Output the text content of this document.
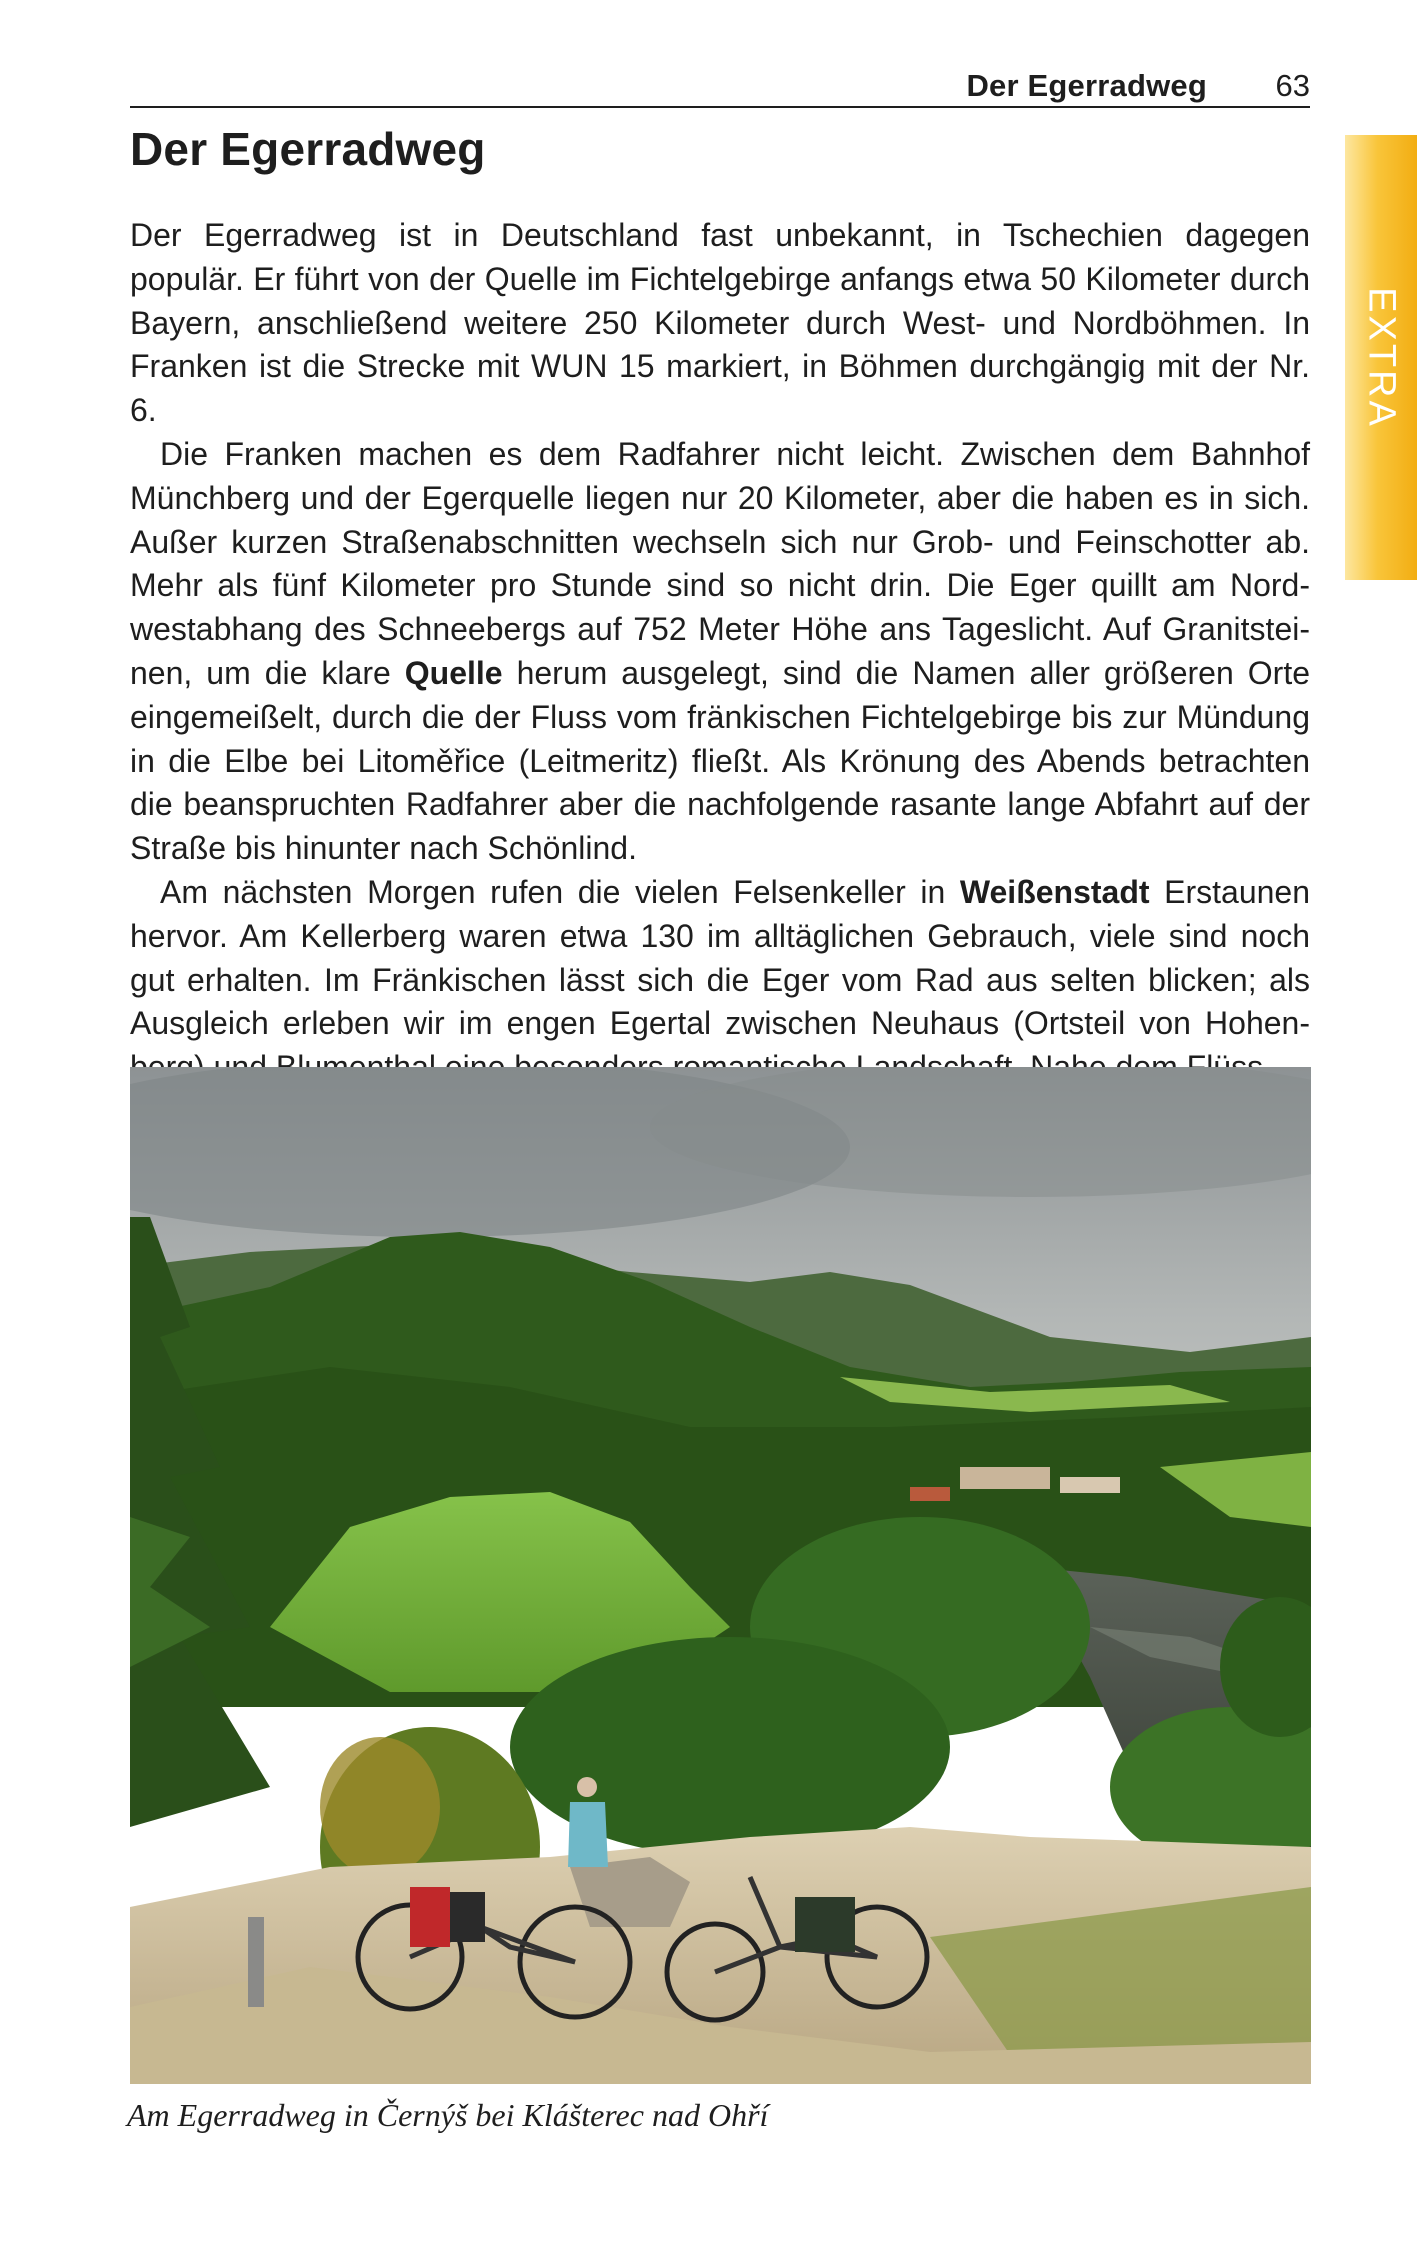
Der Egerradweg 63
EXTRA
Der Egerradweg

Der Egerradweg ist in Deutschland fast unbekannt, in Tschechien dagegen populär. Er führt von der Quelle im Fichtelgebirge anfangs etwa 50 Kilometer durch Bayern, anschließend weitere 250 Kilometer durch West- und Nordböhmen. In Franken ist die Strecke mit WUN 15 markiert, in Böhmen durchgängig mit der Nr. 6.

Die Franken machen es dem Radfahrer nicht leicht. Zwischen dem Bahnhof Münchberg und der Egerquelle liegen nur 20 Kilometer, aber die haben es in sich. Außer kurzen Straßenabschnitten wechseln sich nur Grob- und Feinschotter ab. Mehr als fünf Kilometer pro Stunde sind so nicht drin. Die Eger quillt am Nordwestabhang des Schneebergs auf 752 Meter Höhe ans Tageslicht. Auf Granitsteinen, um die klare Quelle herum ausgelegt, sind die Namen aller größeren Orte eingemeißelt, durch die der Fluss vom fränkischen Fichtelgebirge bis zur Mündung in die Elbe bei Litoměřice (Leitmeritz) fließt. Als Krönung des Abends betrachten die beanspruchten Radfahrer aber die nachfolgende rasante lange Abfahrt auf der Straße bis hinunter nach Schönlind.

Am nächsten Morgen rufen die vielen Felsenkeller in Weißenstadt Erstaunen hervor. Am Kellerberg waren etwa 130 im alltäglichen Gebrauch, viele sind noch gut erhalten. Im Fränkischen lässt sich die Eger vom Rad aus selten blicken; als Ausgleich erleben wir im engen Egertal zwischen Neuhaus (Ortsteil von Hohen

Am Egerradweg in Černýš bei Klášterec nad Ohří
